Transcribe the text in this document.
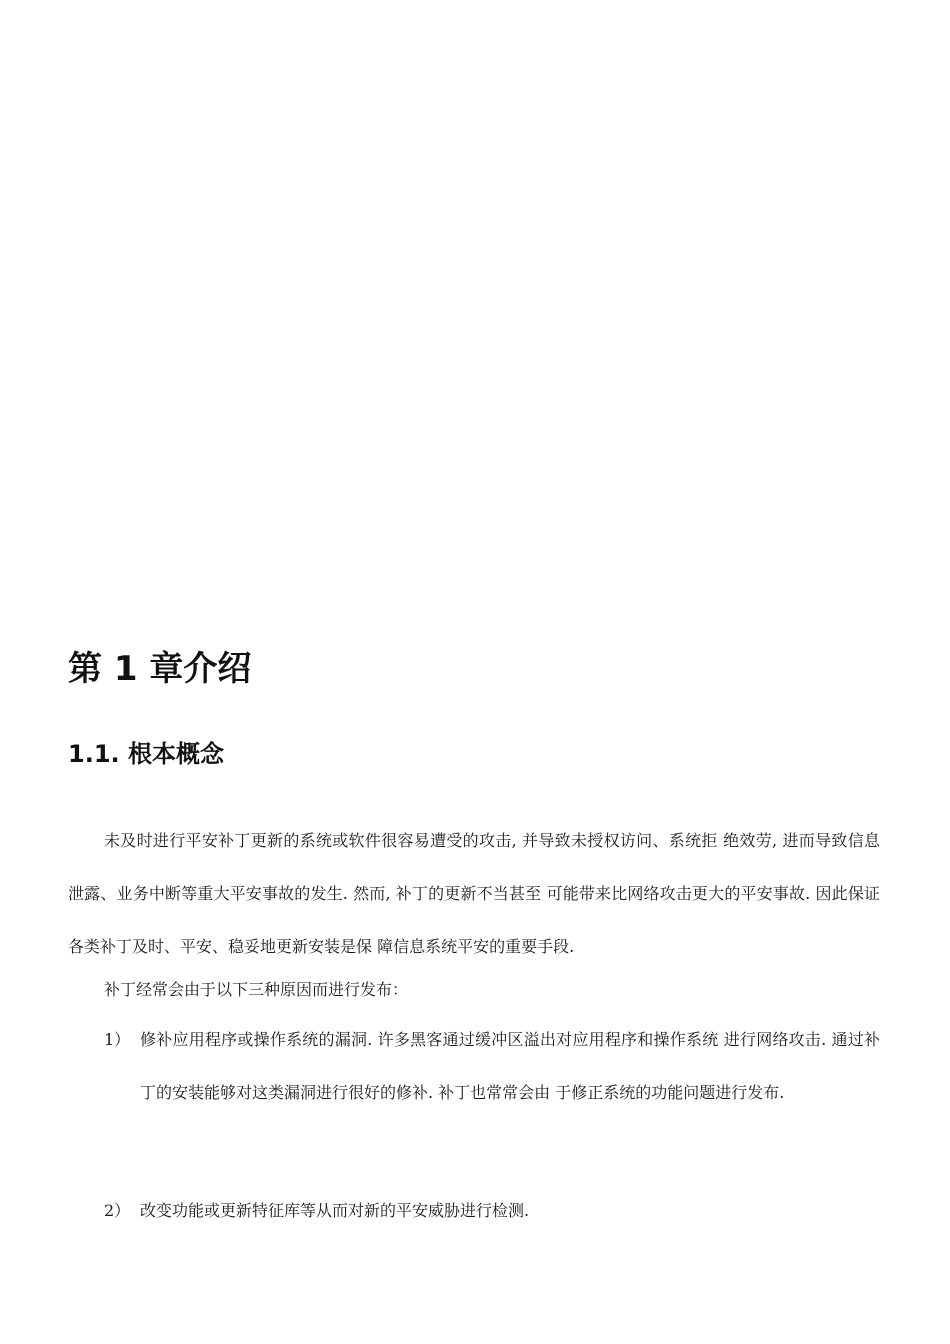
第 1 章介绍
1.1. 根本概念

未及时进行平安补丁更新的系统或软件很容易遭受的攻击, 并导致未授权访问、系统拒 绝效劳, 进而导致信息泄露、业务中断等重大平安事故的发生. 然而, 补丁的更新不当甚至 可能带来比网络攻击更大的平安事故. 因此保证各类补丁及时、平安、稳妥地更新安装是保 障信息系统平安的重要手段.

补丁经常会由于以下三种原因而进行发布：

1） 修补应用程序或操作系统的漏洞. 许多黑客通过缓冲区溢出对应用程序和操作系统 进行网络攻击. 通过补丁的安装能够对这类漏洞进行很好的修补. 补丁也常常会由 于修正系统的功能问题进行发布.
2） 改变功能或更新特征库等从而对新的平安威胁进行检测.
